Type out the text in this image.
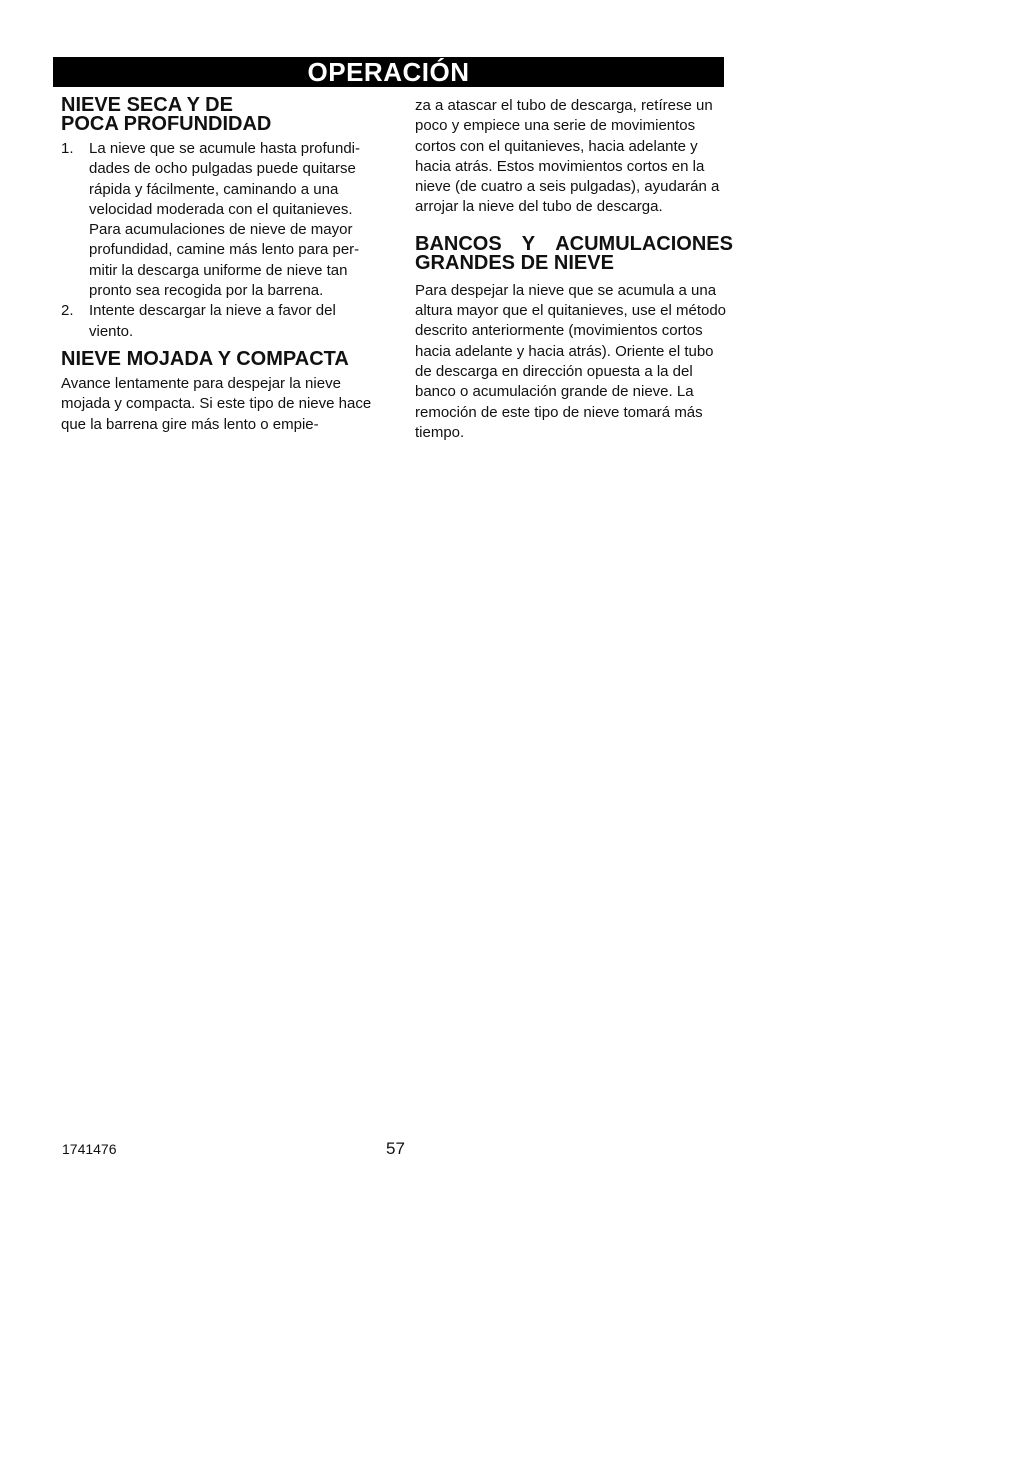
OPERACIÓN
NIEVE SECA Y DE
POCA PROFUNDIDAD
1. La nieve que se acumule hasta profundi-dades de ocho pulgadas puede quitarse rápida y fácilmente, caminando a una velocidad moderada con el quitanieves. Para acumulaciones de nieve de mayor profundidad, camine más lento para per-mitir la descarga uniforme de nieve tan pronto sea recogida por la barrena.
2. Intente descargar la nieve a favor del viento.
NIEVE MOJADA Y COMPACTA

Avance lentamente para despejar la nieve mojada y compacta. Si este tipo de nieve hace que la barrena gire más lento o empie-

za a atascar el tubo de descarga, retírese un poco y empiece una serie de movimientos cortos con el quitanieves, hacia adelante y hacia atrás. Estos movimientos cortos en la nieve (de cuatro a seis pulgadas), ayudarán a arrojar la nieve del tubo de descarga.

BANCOS Y ACUMULACIONES
GRANDES DE NIEVE

Para despejar la nieve que se acumula a una altura mayor que el quitanieves, use el método descrito anteriormente (movimientos cortos hacia adelante y hacia atrás). Oriente el tubo de descarga en dirección opuesta a la del banco o acumulación grande de nieve. La remoción de este tipo de nieve tomará más tiempo.

1741476	57
